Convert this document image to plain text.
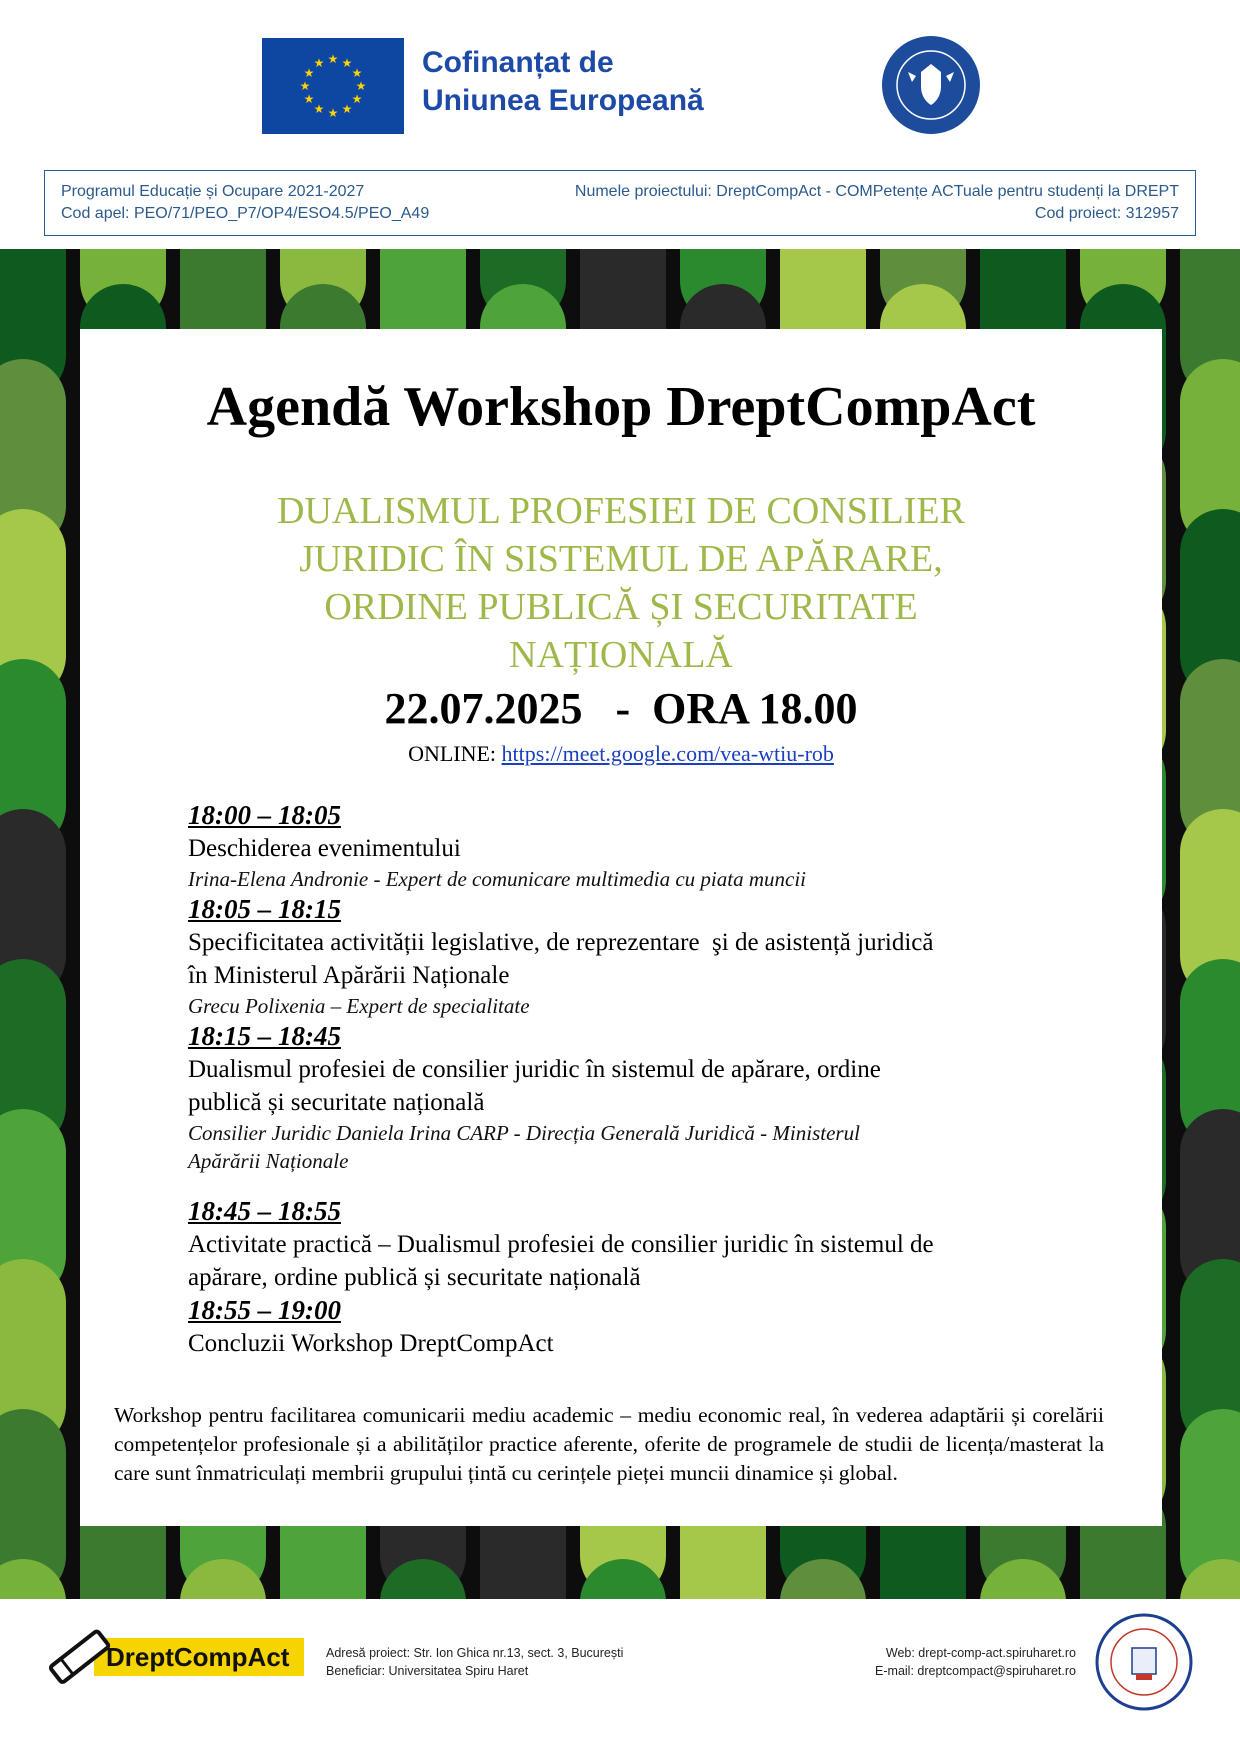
★ ★
★
★
★
★
★
★
★
★
★
★	Cofinanțat de
Uniunea Europeană
Programul Educație și Ocupare 2021-2027
Cod apel: PEO/71/PEO_P7/OP4/ESO4.5/PEO_A49
Numele proiectului: DreptCompAct - COMPetențe ACTuale pentru studenți la DREPT
Cod proiect: 312957
Agendă Workshop DreptCompAct
DUALISMUL PROFESIEI DE CONSILIER
JURIDIC ÎN SISTEMUL DE APĂRARE,
ORDINE PUBLICĂ ȘI SECURITATE
NAȚIONALĂ
22.07.2025   -  ORA 18.00
ONLINE: https://meet.google.com/vea-wtiu-rob
18:00 – 18:05
Deschiderea evenimentului
Irina-Elena Andronie - Expert de comunicare multimedia cu piata muncii
18:05 – 18:15
Specificitatea activității legislative, de reprezentare  şi de asistență juridică
în Ministerul Apărării Naționale
Grecu Polixenia – Expert de specialitate
18:15 – 18:45
Dualismul profesiei de consilier juridic în sistemul de apărare, ordine
publică și securitate națională
Consilier Juridic Daniela Irina CARP - Direcția Generală Juridică - Ministerul
Apărării Naționale
18:45 – 18:55
Activitate practică – Dualismul profesiei de consilier juridic în sistemul de
apărare, ordine publică și securitate națională
18:55 – 19:00
Concluzii Workshop DreptCompAct
Workshop pentru facilitarea comunicarii mediu academic – mediu economic real, în vederea adaptării și corelării competențelor profesionale și a abilităților practice aferente, oferite de programele de studii de licența/masterat la care sunt înmatriculați membrii grupului țintă cu cerințele pieței muncii dinamice și global.
DreptCompAct	Adresă proiect: Str. Ion Ghica nr.13, sect. 3, București
Beneficiar: Universitatea Spiru Haret
Web: drept-comp-act.spiruharet.ro
E-mail: dreptcompact@spiruharet.ro
